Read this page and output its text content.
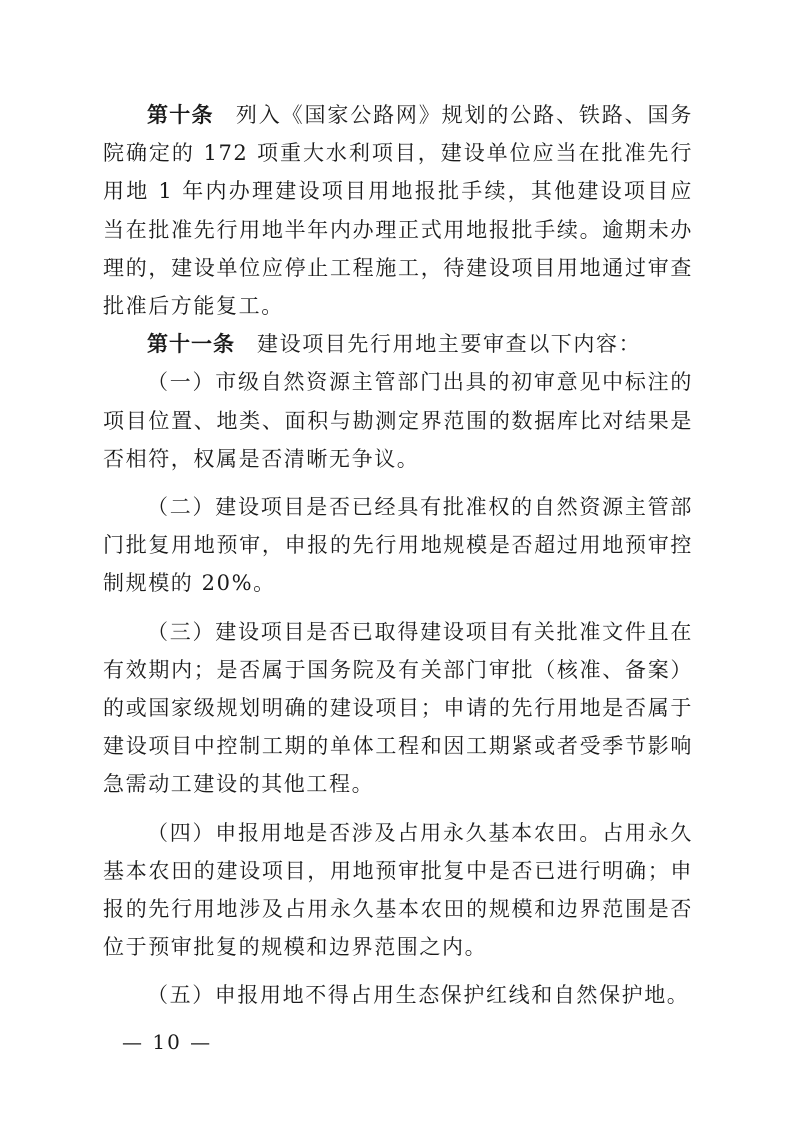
第十条 列入《国家公路网》规划的公路、铁路、国务院确定的 172 项重大水利项目，建设单位应当在批准先行用地 1 年内办理建设项目用地报批手续，其他建设项目应当在批准先行用地半年内办理正式用地报批手续。逾期未办理的，建设单位应停止工程施工，待建设项目用地通过审查批准后方能复工。

第十一条 建设项目先行用地主要审查以下内容：

（一）市级自然资源主管部门出具的初审意见中标注的项目位置、地类、面积与勘测定界范围的数据库比对结果是否相符，权属是否清晰无争议。

（二）建设项目是否已经具有批准权的自然资源主管部门批复用地预审，申报的先行用地规模是否超过用地预审控制规模的 20%。

（三）建设项目是否已取得建设项目有关批准文件且在有效期内；是否属于国务院及有关部门审批（核准、备案）的或国家级规划明确的建设项目；申请的先行用地是否属于建设项目中控制工期的单体工程和因工期紧或者受季节影响急需动工建设的其他工程。

（四）申报用地是否涉及占用永久基本农田。占用永久基本农田的建设项目，用地预审批复中是否已进行明确；申报的先行用地涉及占用永久基本农田的规模和边界范围是否位于预审批复的规模和边界范围之内。

（五）申报用地不得占用生态保护红线和自然保护地。

— 10 —
